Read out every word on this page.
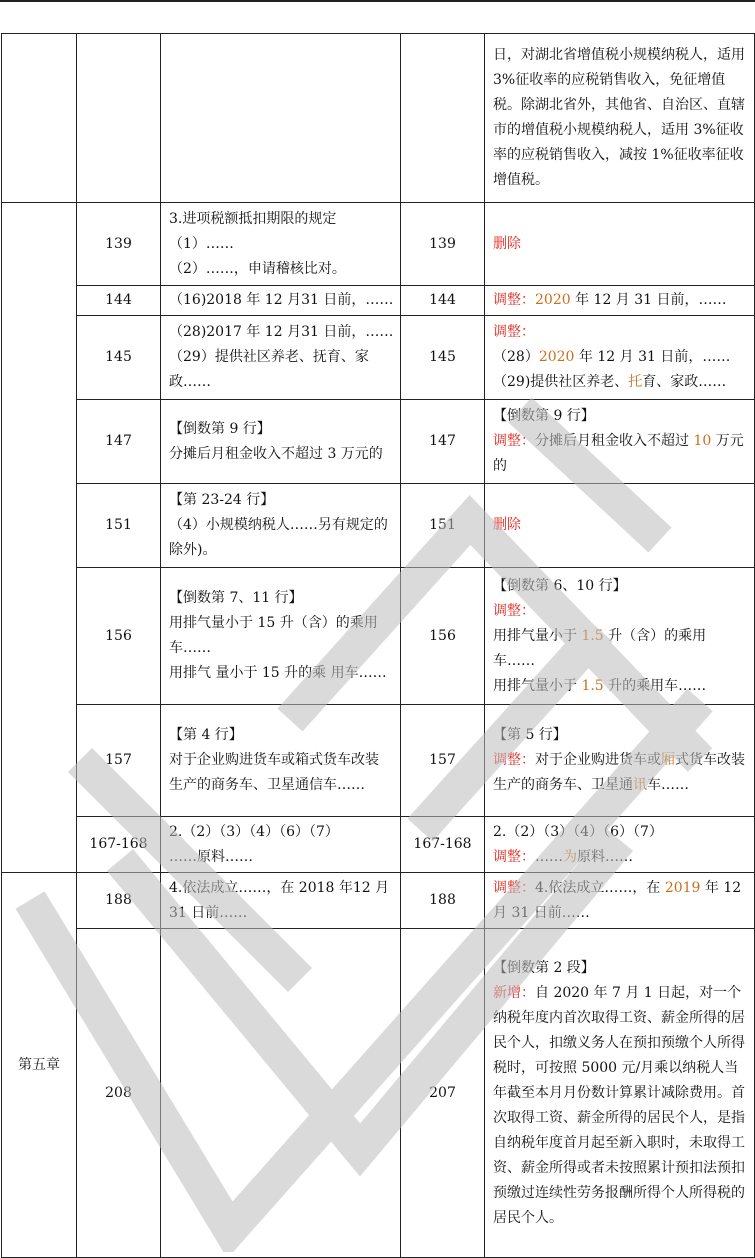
				日，对湖北省增值税小规模纳税人，适用 3%征收率的应税销售收入，免征增值税。除湖北省外，其他省、自治区、直辖市的增值税小规模纳税人，适用 3%征收率的应税销售收入，减按 1%征收率征收增值税。

	139	3.进项税额抵扣期限的规定
（1）……
（2）……，申请稽核比对。	139	删除
	144	（16)2018 年 12 月31 日前，……	144	调整：2020 年 12 月 31 日前，……

	145	（28)2017 年 12 月31 日前，……
（29）提供社区养老、抚育、家政……	145	调整：
（28）2020 年 12 月 31 日前，……
（29)提供社区养老、托育、家政……

	147	【倒数第 9 行】
分摊后月租金收入不超过 3 万元的	147	【倒数第 9 行】
调整：分摊后月租金收入不超过 10 万元的

	151	【第 23-24 行】
（4）小规模纳税人……另有规定的除外)。	151	删除
	156	【倒数第 7、11 行】
用排气量小于 15 升（含）的乘用车……
用排气 量小于 15 升的乘 用车……	156	【倒数第 6、10 行】
调整：
用排气量小于 1.5 升（含）的乘用车……
用排气量小于 1.5 升的乘用车……

	157	【第 4 行】
对于企业购进货车或箱式货车改装生产的商务车、卫星通信车……	157	【第 5 行】
调整：对于企业购进货车或厢式货车改装生产的商务车、卫星通讯车……

	167-168	2.（2）（3）（4）（6）（7）
……原料……	167-168	2.（2）（3）（4）（6）（7）
调整：……为原料……

第五章	188	4.依法成立……，在 2018 年12 月 31 日前……	188	调整：4.依法成立……，在 2019 年 12 月 31 日前……

	208		207	【倒数第 2 段】
新增：自 2020 年 7 月 1 日起，对一个纳税年度内首次取得工资、薪金所得的居民个人，扣缴义务人在预扣预缴个人所得税时，可按照 5000 元/月乘以纳税人当年截至本月月份数计算累计减除费用。首次取得工资、薪金所得的居民个人，是指自纳税年度首月起至新入职时，未取得工资、薪金所得或者未按照累计预扣法预扣预缴过连续性劳务报酬所得个人所得税的居民个人。
